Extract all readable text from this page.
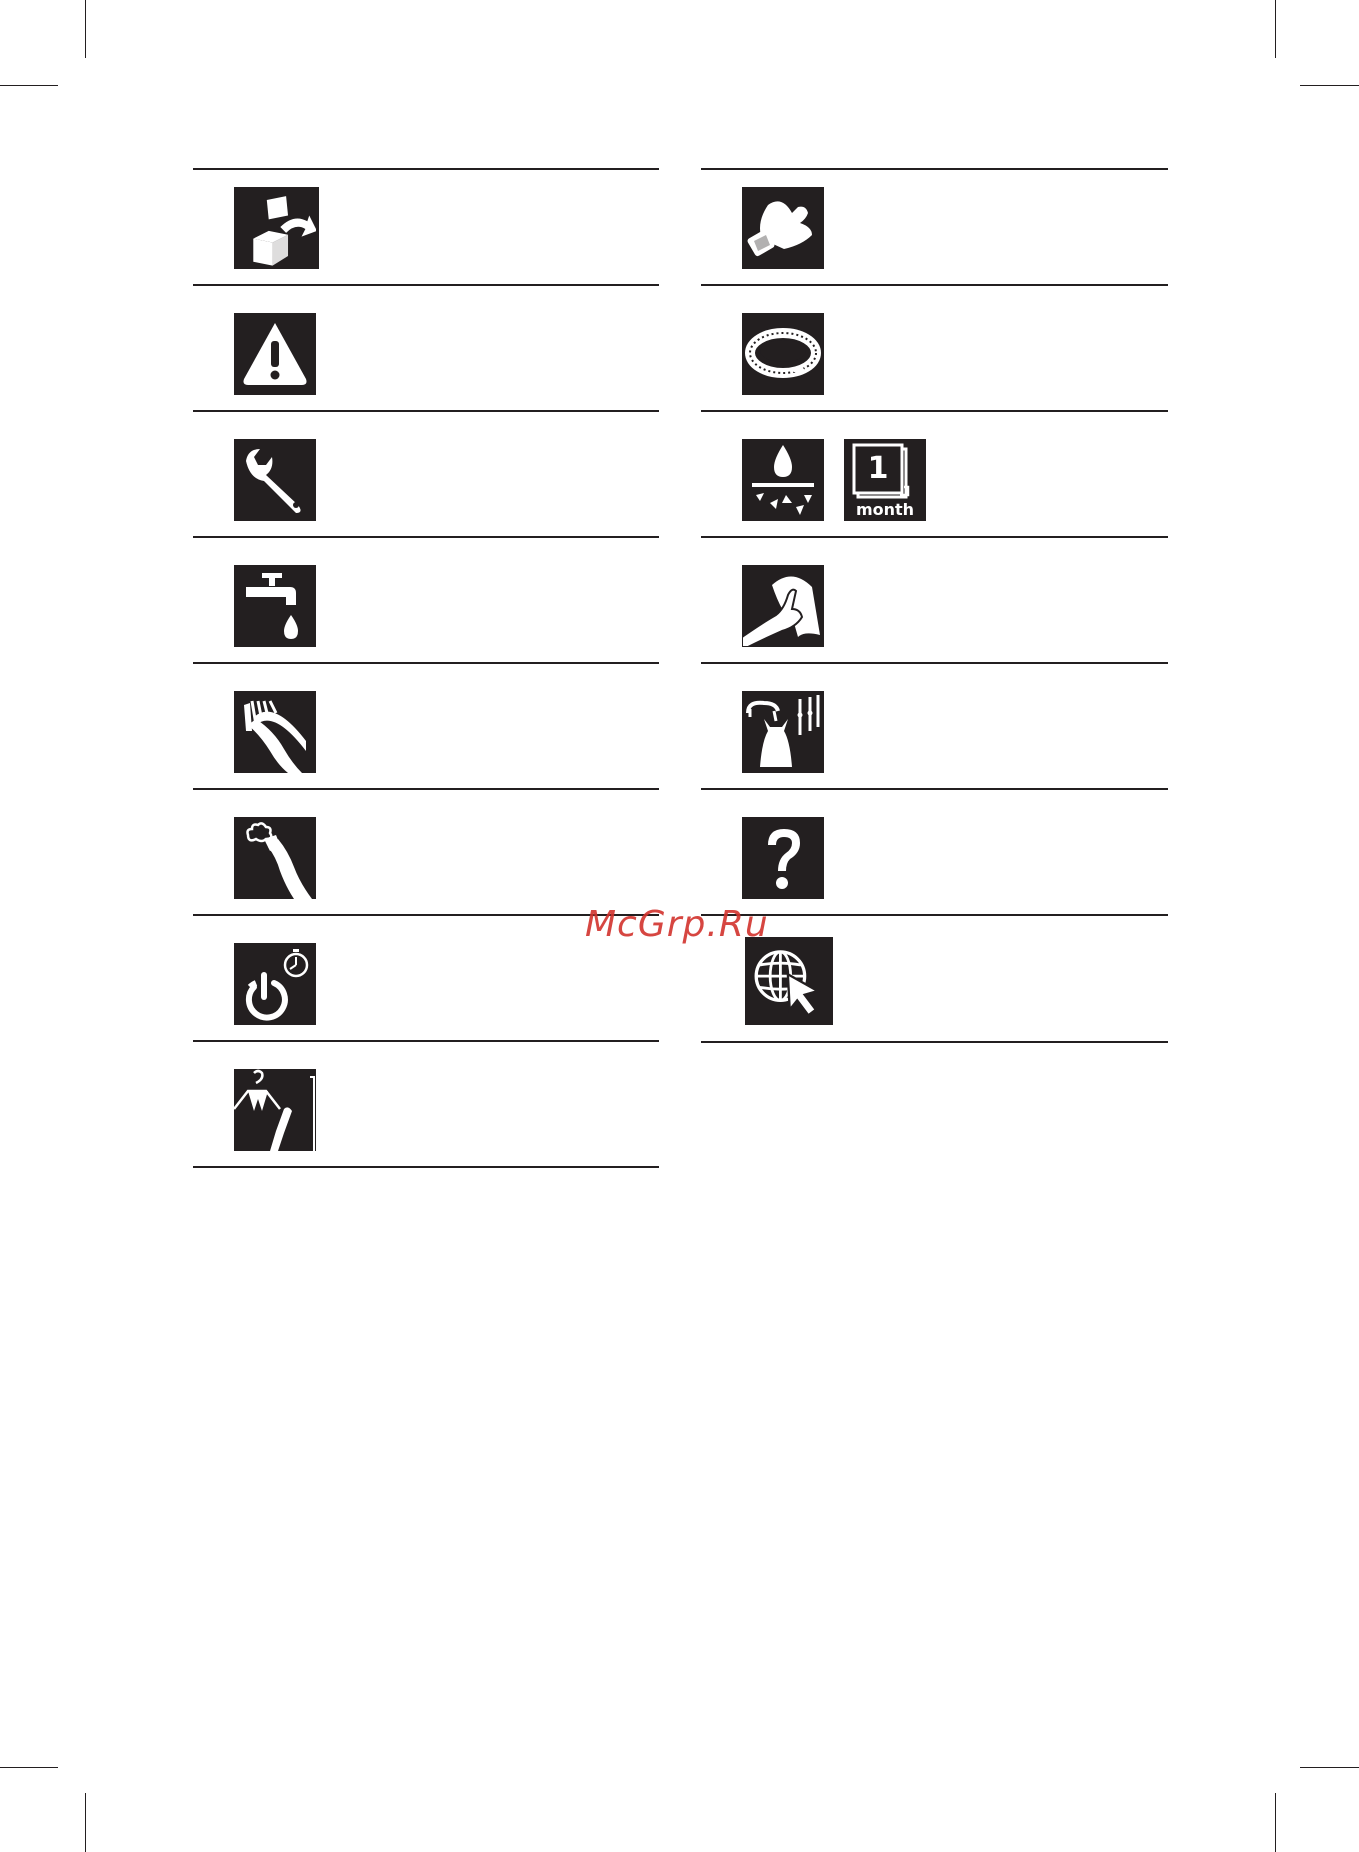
1
month
McGrp.Ru
